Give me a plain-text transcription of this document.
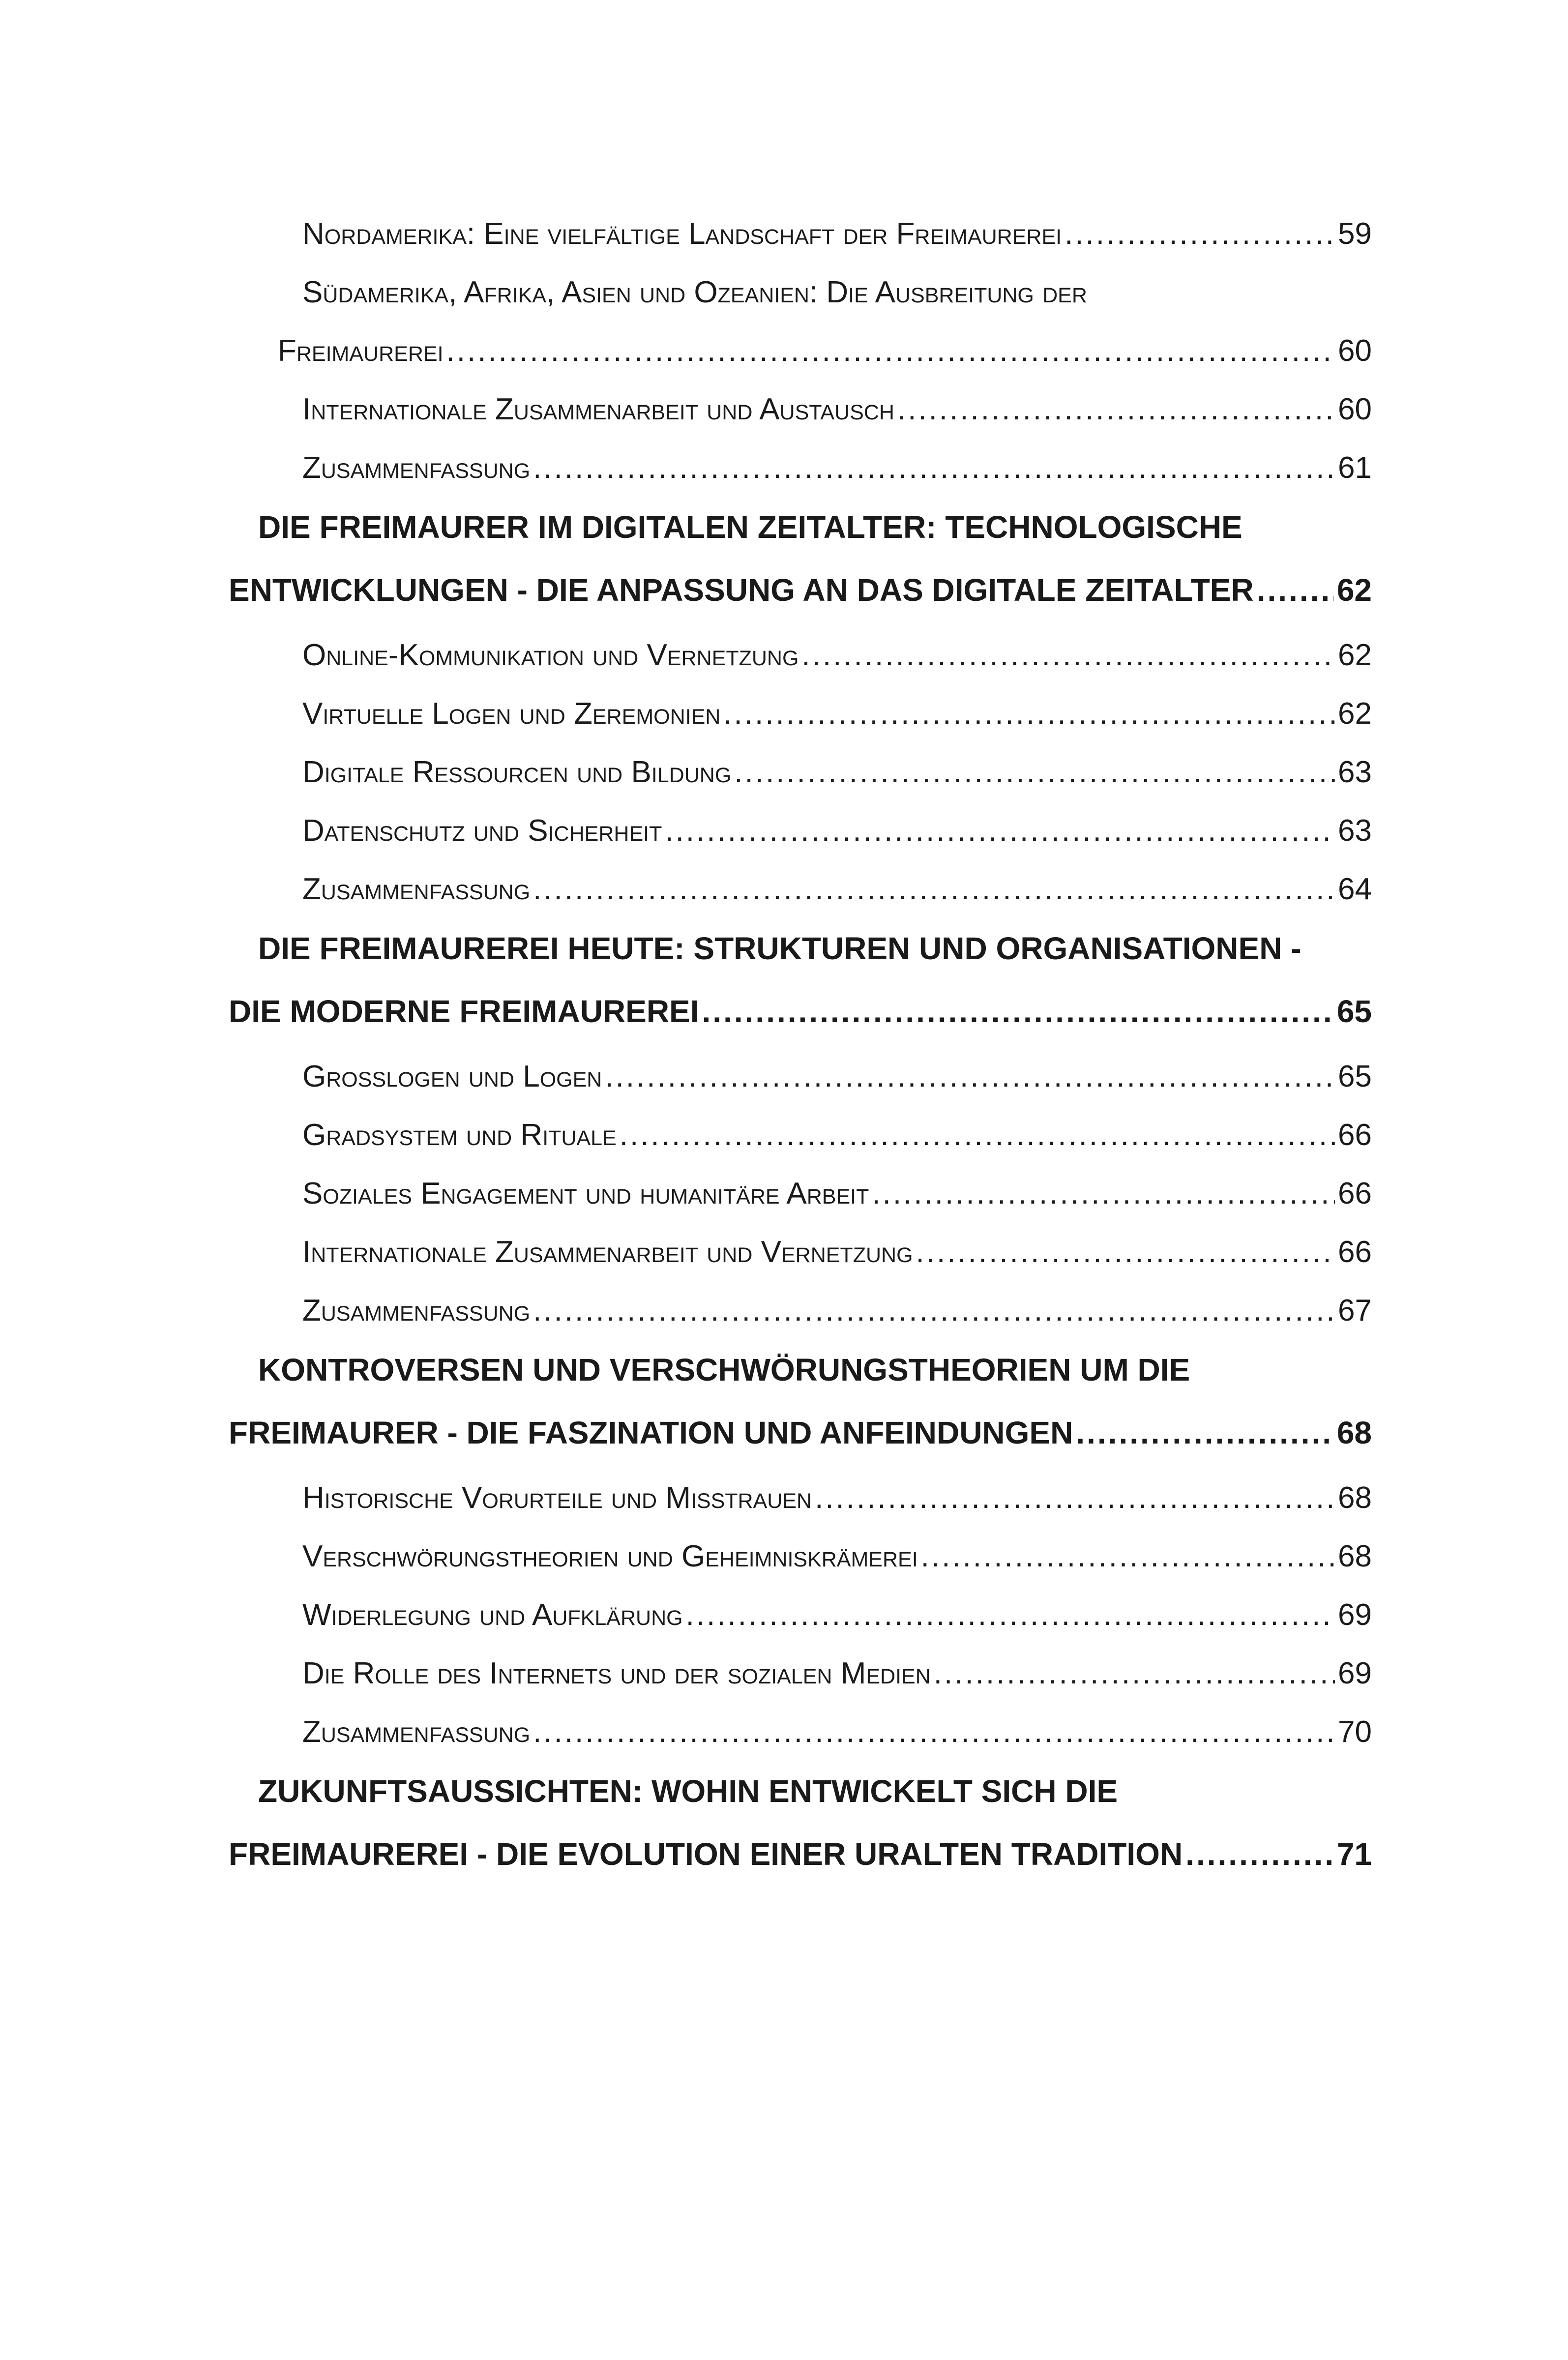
Nordamerika: Eine vielfältige Landschaft der Freimaurerei .....	59
Südamerika, Afrika, Asien und Ozeanien: Die Ausbreitung der
Freimaurerei .....	60
Internationale Zusammenarbeit und Austausch .....	60
Zusammenfassung .....	61
DIE FREIMAURER IM DIGITALEN ZEITALTER: TECHNOLOGISCHE
ENTWICKLUNGEN - DIE ANPASSUNG AN DAS DIGITALE ZEITALTER .....	62
Online-Kommunikation und Vernetzung .....	62
Virtuelle Logen und Zeremonien .....	62
Digitale Ressourcen und Bildung .....	63
Datenschutz und Sicherheit .....	63
Zusammenfassung .....	64
DIE FREIMAUREREI HEUTE: STRUKTUREN UND ORGANISATIONEN -
DIE MODERNE FREIMAUREREI .....	65
Großlogen und Logen .....	65
Gradsystem und Rituale .....	66
Soziales Engagement und humanitäre Arbeit .....	66
Internationale Zusammenarbeit und Vernetzung .....	66
Zusammenfassung .....	67
KONTROVERSEN UND VERSCHWÖRUNGSTHEORIEN UM DIE
FREIMAURER - DIE FASZINATION UND ANFEINDUNGEN .....	68
Historische Vorurteile und Misstrauen .....	68
Verschwörungstheorien und Geheimniskrämerei .....	68
Widerlegung und Aufklärung .....	69
Die Rolle des Internets und der sozialen Medien .....	69
Zusammenfassung .....	70
ZUKUNFTSAUSSICHTEN: WOHIN ENTWICKELT SICH DIE
FREIMAUREREI - DIE EVOLUTION EINER URALTEN TRADITION .....	71
